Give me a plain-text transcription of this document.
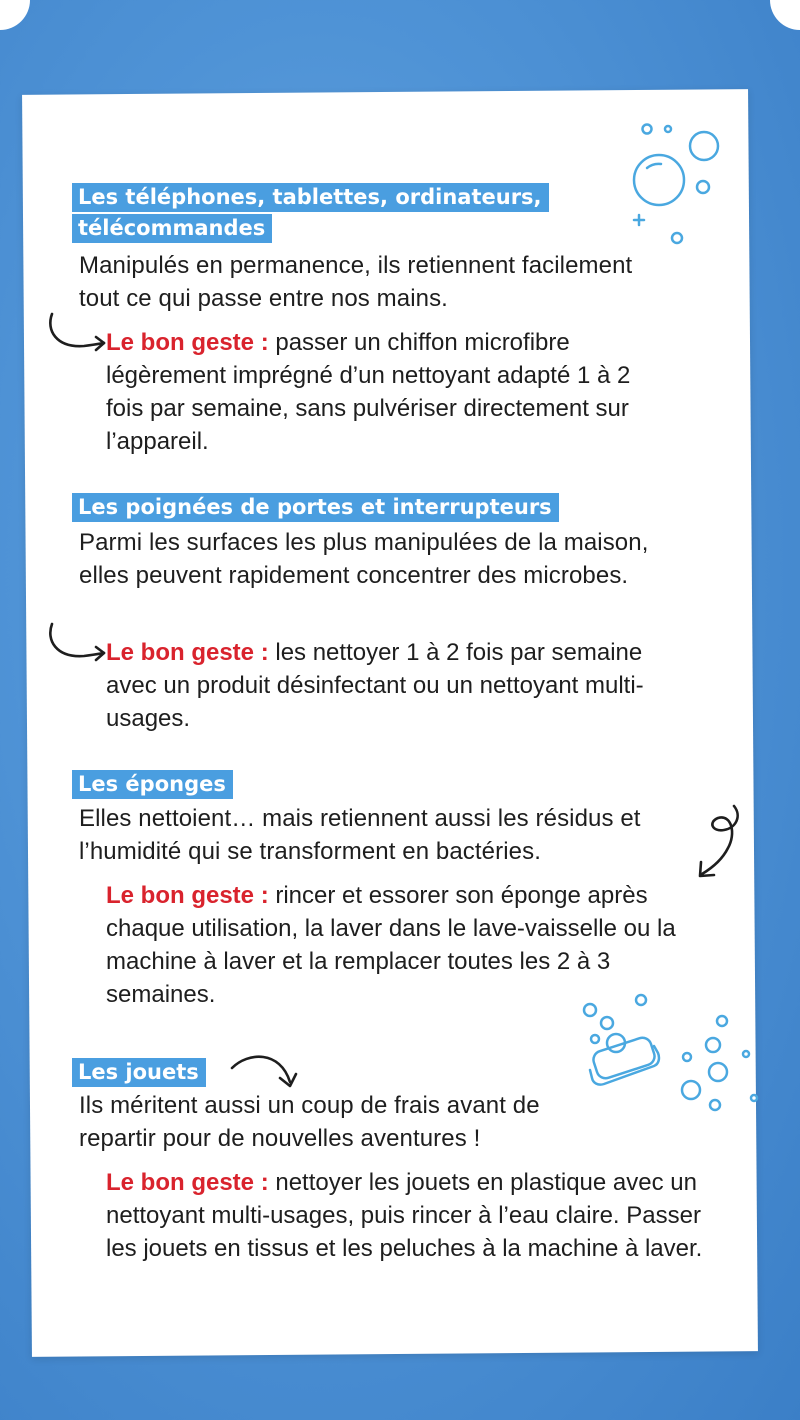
Les téléphones, tablettes, ordinateurs, télécommandes

Manipulés en permanence, ils retiennent facilement tout ce qui passe entre nos mains.

Le bon geste : passer un chiffon microfibre légèrement imprégné d’un nettoyant adapté 1 à 2 fois par semaine, sans pulvériser directement sur l’appareil.

Les poignées de portes et interrupteurs

Parmi les surfaces les plus manipulées de la maison, elles peuvent rapidement concentrer des microbes.

Le bon geste : les nettoyer 1 à 2 fois par semaine avec un produit désinfectant ou un nettoyant multi-usages.

Les éponges

Elles nettoient… mais retiennent aussi les résidus et l’humidité qui se transforment en bactéries.

Le bon geste : rincer et essorer son éponge après chaque utilisation, la laver dans le lave-vaisselle ou la machine à laver et la remplacer toutes les 2 à 3 semaines.

Les jouets

Ils méritent aussi un coup de frais avant de repartir pour de nouvelles aventures !

Le bon geste : nettoyer les jouets en plastique avec un nettoyant multi-usages, puis rincer à l’eau claire. Passer les jouets en tissus et les peluches à la machine à laver.
